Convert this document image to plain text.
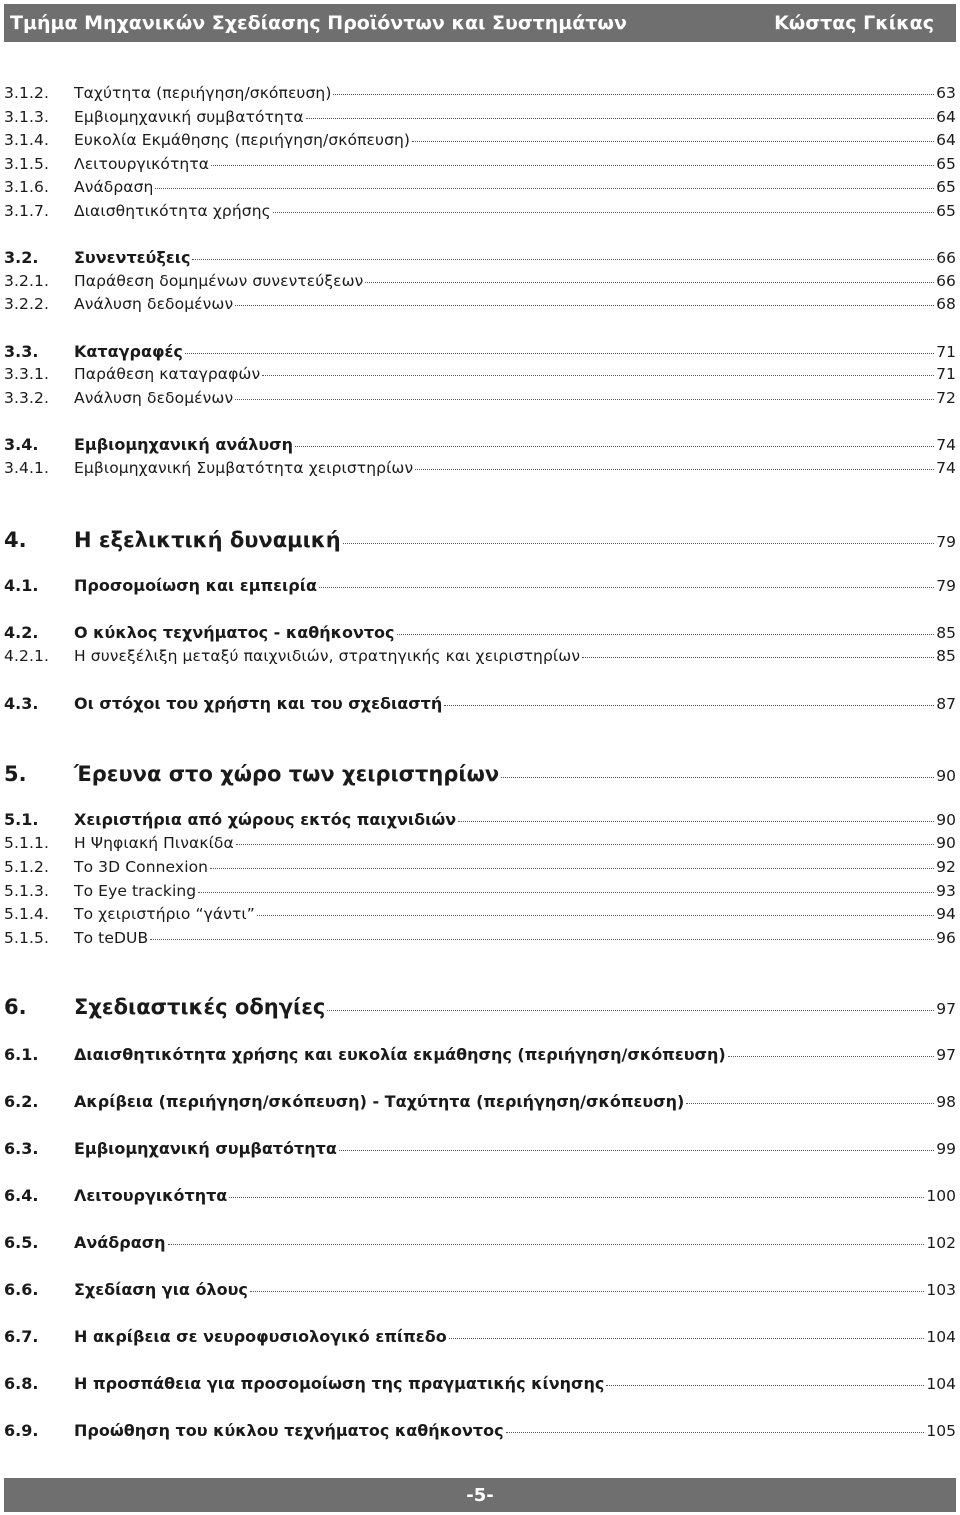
Τμήμα Μηχανικών Σχεδίασης Προϊόντων και Συστημάτων	Κώστας Γκίκας
3.1.2.	Ταχύτητα (περιήγηση/σκόπευση)	63
3.1.3.	Εμβιομηχανική συμβατότητα	64
3.1.4.	Ευκολία Εκμάθησης (περιήγηση/σκόπευση)	64
3.1.5.	Λειτουργικότητα	65
3.1.6.	Ανάδραση	65
3.1.7.	Διαισθητικότητα χρήσης	65
3.2.	Συνεντεύξεις	66
3.2.1.	Παράθεση δομημένων συνεντεύξεων	66
3.2.2.	Ανάλυση δεδομένων	68
3.3.	Καταγραφές	71
3.3.1.	Παράθεση καταγραφών	71
3.3.2.	Ανάλυση δεδομένων	72
3.4.	Εμβιομηχανική ανάλυση	74
3.4.1.	Εμβιομηχανική Συμβατότητα χειριστηρίων	74
4.	Η εξελικτική δυναμική	79
4.1.	Προσομοίωση και εμπειρία	79
4.2.	Ο κύκλος τεχνήματος - καθήκοντος	85
4.2.1.	Η συνεξέλιξη μεταξύ παιχνιδιών, στρατηγικής και χειριστηρίων	85
4.3.	Οι στόχοι του χρήστη και του σχεδιαστή	87
5.	Έρευνα στο χώρο των χειριστηρίων	90
5.1.	Χειριστήρια από χώρους εκτός παιχνιδιών	90
5.1.1.	Η Ψηφιακή Πινακίδα	90
5.1.2.	Το 3D Connexion	92
5.1.3.	Το Eye tracking	93
5.1.4.	Το χειριστήριο “γάντι”	94
5.1.5.	Το teDUB	96
6.	Σχεδιαστικές οδηγίες	97
6.1.	Διαισθητικότητα χρήσης και ευκολία εκμάθησης (περιήγηση/σκόπευση)	97
6.2.	Ακρίβεια (περιήγηση/σκόπευση) - Ταχύτητα (περιήγηση/σκόπευση)	98
6.3.	Εμβιομηχανική συμβατότητα	99
6.4.	Λειτουργικότητα	100
6.5.	Ανάδραση	102
6.6.	Σχεδίαση για όλους	103
6.7.	Η ακρίβεια σε νευροφυσιολογικό επίπεδο	104
6.8.	Η προσπάθεια για προσομοίωση της πραγματικής κίνησης	104
6.9.	Προώθηση του κύκλου τεχνήματος καθήκοντος	105
-5-
